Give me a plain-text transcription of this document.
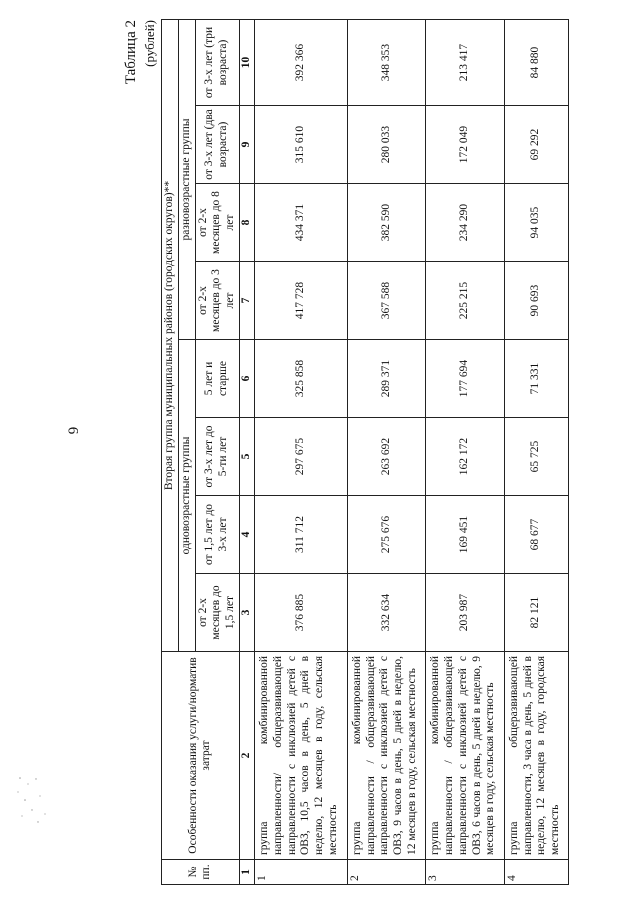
6
Таблица 2 (рублей)
№ пп.	Особенности оказания услуги/норматив затрат	Вторая группа муниципальных районов (городских округов)**							
		одновозрастные группы				разновозрастные группы			
		от 2-х месяцев до 1,5 лет	от 1,5 лет до 3-х лет	от 3-х лет до 5-ти лет	5 лет и старше	от 2-х месяцев до 3 лет	от 2-х месяцев до 8 лет	от 3-х лет (два возраста)	от 3-х лет (три возраста)
1	2	3	4	5	6	7	8	9	10
1	группа комбинированной направленности/ общеразвивающей направленности с инклюзией детей с ОВЗ, 10,5 часов в день, 5 дней в неделю, 12 месяцев в году, сельская местность	376 885	311 712	297 675	325 858	417 728	434 371	315 610	392 366
2	группа комбинированной направленности / общеразвивающей направленности с инклюзией детей с ОВЗ, 9 часов в день, 5 дней в неделю, 12 месяцев в году, сельская местность	332 634	275 676	263 692	289 371	367 588	382 590	280 033	348 353
3	группа комбинированной направленности / общеразвивающей направленности с инклюзией детей с ОВЗ, 6 часов в день, 5 дней в неделю, 9 месяцев в году, сельская местность	203 987	169 451	162 172	177 694	225 215	234 290	172 049	213 417
4	группа общеразвивающей направленности, 3 часа в день, 5 дней в неделю, 12 месяцев в году, городская местность	82 121	68 677	65 725	71 331	90 693	94 035	69 292	84 880
